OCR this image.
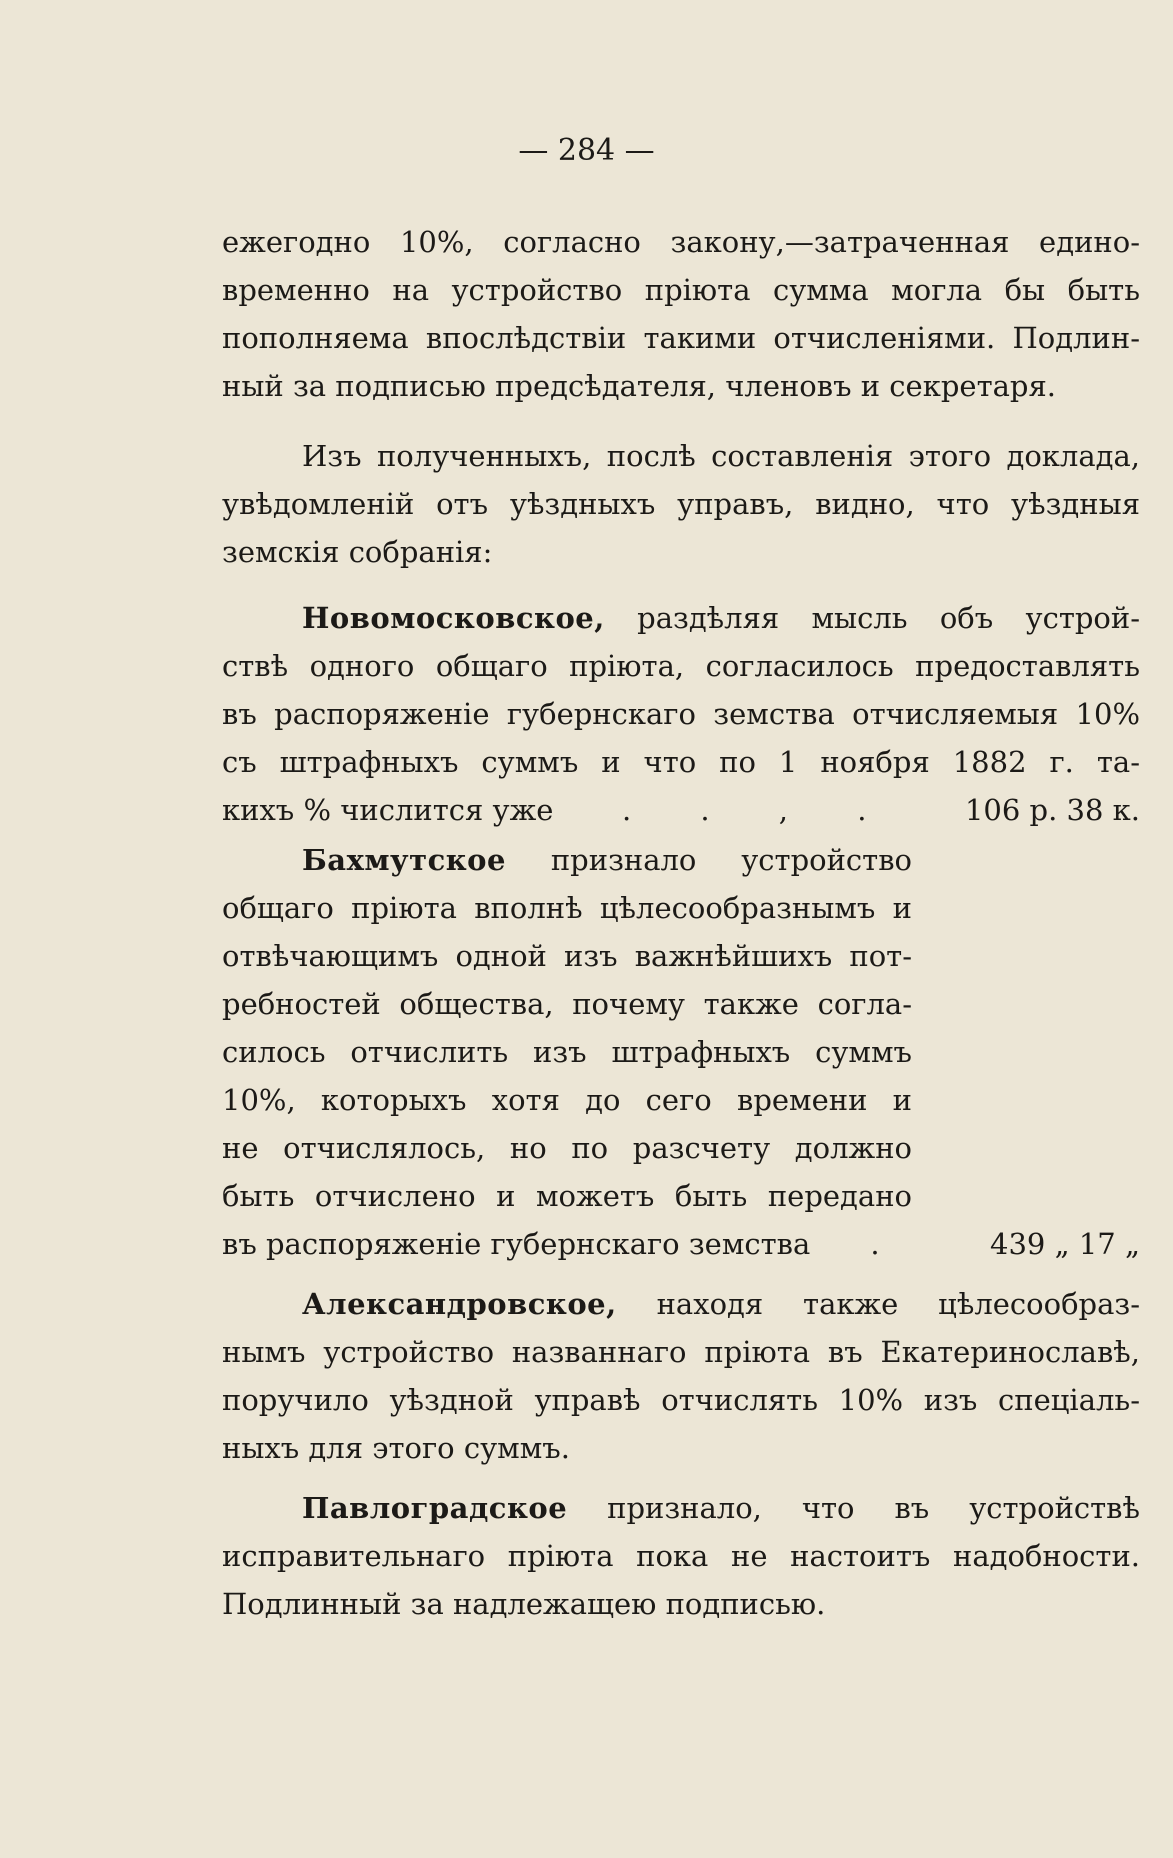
— 284 —

ежегодно 10%, согласно закону,—затраченная едино-

временно на устройство прiюта сумма могла бы быть

пополняема впослѣдствiи такими отчисленiями. Подлин-

ный за подписью предсѣдателя, членовъ и секретаря.

Изъ полученныхъ, послѣ составленiя этого доклада,

увѣдомленiй отъ уѣздныхъ управъ, видно, что уѣздныя

земскiя собранiя:

Новомосковское, раздѣляя мысль объ устрой-

ствѣ одного общаго прiюта, согласилось предоставлять

въ распоряженiе губернскаго земства отчисляемыя 10%

съ штрафныхъ суммъ и что по 1 ноября 1882 г. та-

кихъ % числится уже . . , . 106 р. 38 к.

Бахмутское признало устройство

общаго прiюта вполнѣ цѣлесообразнымъ и

отвѣчающимъ одной изъ важнѣйшихъ пот-

ребностей общества, почему также согла-

силось отчислить изъ штрафныхъ суммъ

10%, которыхъ хотя до сего времени и

не отчислялось, но по разсчету должно

быть отчислено и можетъ быть передано

въ распоряженiе губернскаго земства .	439 „ 17 „

Александровское, находя также цѣлесообраз-

нымъ устройство названнаго прiюта въ Екатеринославѣ,

поручило уѣздной управѣ отчислять 10% изъ спецiаль-

ныхъ для этого суммъ.

Павлоградское признало, что въ устройствѣ

исправительнаго прiюта пока не настоитъ надобности.

Подлинный за надлежащею подписью.
